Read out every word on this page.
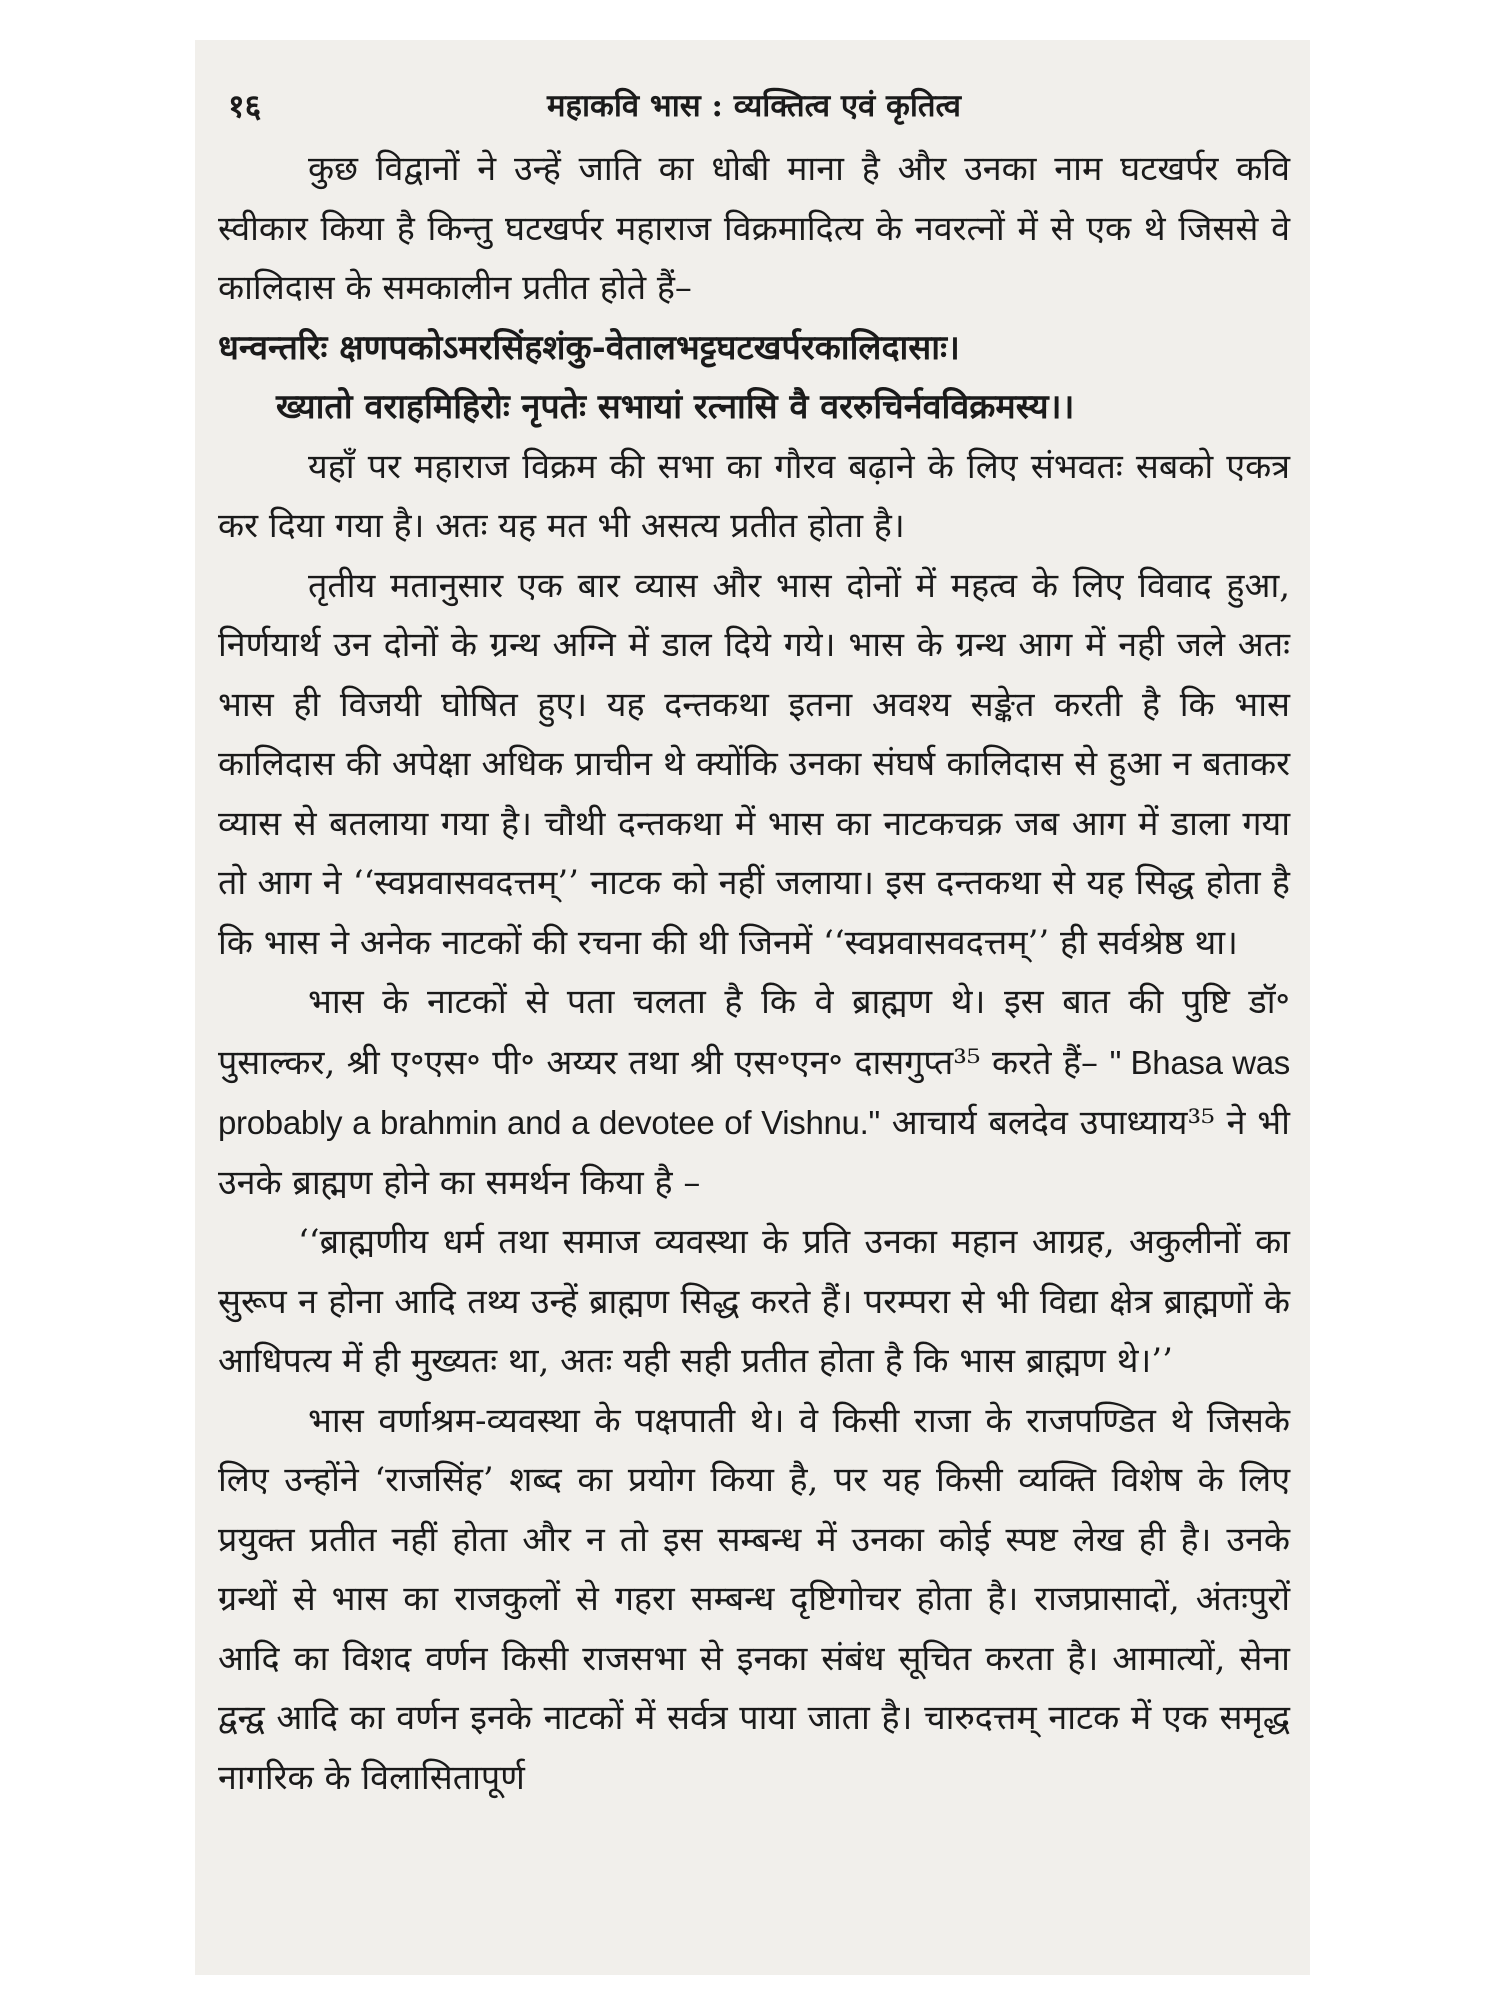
१६	महाकवि भास : व्यक्तित्व एवं कृतित्व

कुछ विद्वानों ने उन्हें जाति का धोबी माना है और उनका नाम घटखर्पर कवि स्वीकार किया है किन्तु घटखर्पर महाराज विक्रमादित्य के नवरत्नों में से एक थे जिससे वे कालिदास के समकालीन प्रतीत होते हैं–

धन्वन्तरिः क्षणपकोऽमरसिंहशंकु-वेतालभट्टघटखर्परकालिदासाः।

ख्यातो वराहमिहिरोः नृपतेः सभायां रत्नासि वै वररुचिर्नवविक्रमस्य।।

यहाँ पर महाराज विक्रम की सभा का गौरव बढ़ाने के लिए संभवतः सबको एकत्र कर दिया गया है। अतः यह मत भी असत्य प्रतीत होता है।

तृतीय मतानुसार एक बार व्यास और भास दोनों में महत्व के लिए विवाद हुआ, निर्णयार्थ उन दोनों के ग्रन्थ अग्नि में डाल दिये गये। भास के ग्रन्थ आग में नही जले अतः भास ही विजयी घोषित हुए। यह दन्तकथा इतना अवश्य सङ्केत करती है कि भास कालिदास की अपेक्षा अधिक प्राचीन थे क्योंकि उनका संघर्ष कालिदास से हुआ न बताकर व्यास से बतलाया गया है। चौथी दन्तकथा में भास का नाटकचक्र जब आग में डाला गया तो आग ने ‘‘स्वप्नवासवदत्तम्’’ नाटक को नहीं जलाया। इस दन्तकथा से यह सिद्ध होता है कि भास ने अनेक नाटकों की रचना की थी जिनमें ‘‘स्वप्नवासवदत्तम्’’ ही सर्वश्रेष्ठ था।

भास के नाटकों से पता चलता है कि वे ब्राह्मण थे। इस बात की पुष्टि डॉ॰ पुसाल्कर, श्री ए॰एस॰ पी॰ अय्यर तथा श्री एस॰एन॰ दासगुप्त³⁵ करते हैं– " Bhasa was probably a brahmin and a devotee of Vishnu." आचार्य बलदेव उपाध्याय³⁵ ने भी उनके ब्राह्मण होने का समर्थन किया है –

‘‘ब्राह्मणीय धर्म तथा समाज व्यवस्था के प्रति उनका महान आग्रह, अकुलीनों का सुरूप न होना आदि तथ्य उन्हें ब्राह्मण सिद्ध करते हैं। परम्परा से भी विद्या क्षेत्र ब्राह्मणों के आधिपत्य में ही मुख्यतः था, अतः यही सही प्रतीत होता है कि भास ब्राह्मण थे।’’

भास वर्णाश्रम-व्यवस्था के पक्षपाती थे। वे किसी राजा के राजपण्डित थे जिसके लिए उन्होंने ‘राजसिंह’ शब्द का प्रयोग किया है, पर यह किसी व्यक्ति विशेष के लिए प्रयुक्त प्रतीत नहीं होता और न तो इस सम्बन्ध में उनका कोई स्पष्ट लेख ही है। उनके ग्रन्थों से भास का राजकुलों से गहरा सम्बन्ध दृष्टिगोचर होता है। राजप्रासादों, अंतःपुरों आदि का विशद वर्णन किसी राजसभा से इनका संबंध सूचित करता है। आमात्यों, सेना द्वन्द्व आदि का वर्णन इनके नाटकों में सर्वत्र पाया जाता है। चारुदत्तम् नाटक में एक समृद्ध नागरिक के विलासितापूर्ण
